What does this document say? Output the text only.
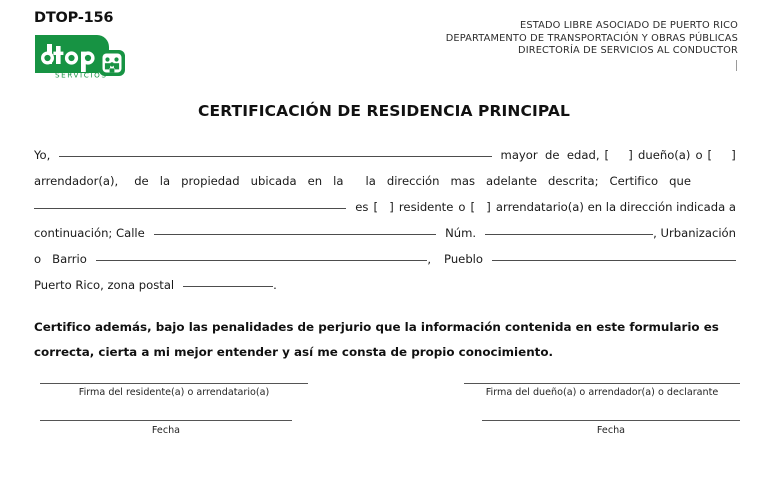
DTOP-156
SERVICIOS
ESTADO LIBRE ASOCIADO DE PUERTO RICO
DEPARTAMENTO DE TRANSPORTACIÓN Y OBRAS PÚBLICAS
DIRECTORÍA DE SERVICIOS AL CONDUCTOR
CERTIFICACIÓN DE RESIDENCIA PRINCIPAL
Yo,	mayor  de  edad, [ ] dueño(a) o [ ]
arrendador(a), de   la   propiedad   ubicada   en   la la   dirección   mas   adelante   descrita;   Certifico   que
es [ ] residente o [ ] arrendatario(a) en la dirección indicada a
continuación; Calle	Núm.	, Urbanización
o   Barrio	, Pueblo
Puerto Rico, zona postal	.
Certifico además, bajo las penalidades de perjurio que la información contenida en este formulario es
correcta, cierta a mi mejor entender y así me consta de propio conocimiento.
Firma del residente(a) o arrendatario(a)	Firma del dueño(a) o arrendador(a) o declarante
Fecha	Fecha
